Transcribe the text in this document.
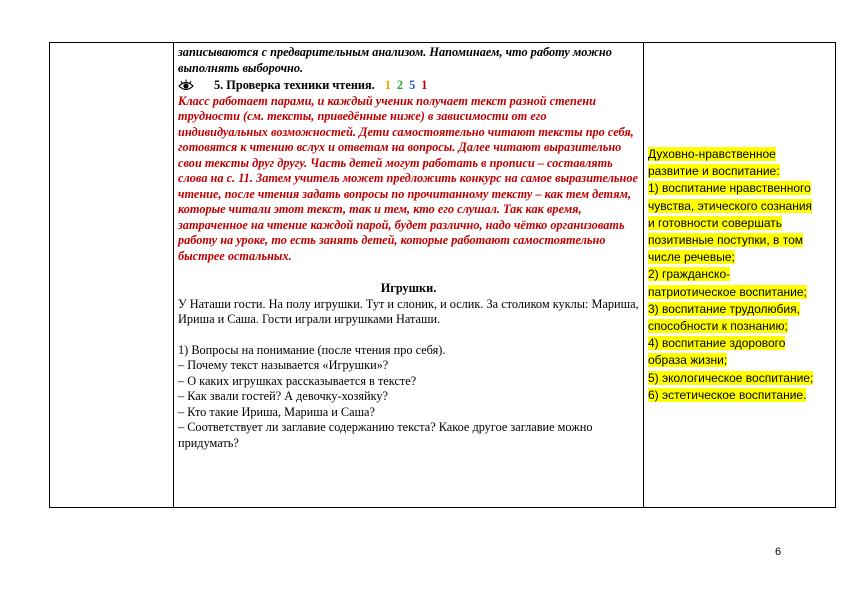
записываются с предварительным анализом. Напоминаем, что работу можно выполнять выборочно.

5. Проверка техники чтения. 1251

Класс работает парами, и каждый ученик получает текст разной степени трудности (см. тексты, приведённые ниже) в зависимости от его индивидуальных возможностей. Дети самостоятельно читают тексты про себя, готовятся к чтению вслух и ответам на вопросы. Далее читают выразительно свои тексты друг другу. Часть детей могут работать в прописи – составлять слова на с. 11. Затем учитель может предложить конкурс на самое выразительное чтение, после чтения задать вопросы по прочитанному тексту – как тем детям, которые читали этот текст, так и тем, кто его слушал. Так как время, затраченное на чтение каждой парой, будет различно, надо чётко организовать работу на уроке, то есть занять детей, которые работают самостоятельно быстрее остальных.

Игрушки.

У Наташи гости. На полу игрушки. Тут и слоник, и ослик. За столиком куклы: Мариша, Ириша и Саша. Гости играли игрушками Наташи.

1) Вопросы на понимание (после чтения про себя).

– Почему текст называется «Игрушки»?

– О каких игрушках рассказывается в тексте?

– Как звали гостей? А девочку-хозяйку?

– Кто такие Ириша, Мариша и Саша?

– Соответствует ли заглавие содержанию текста? Какое другое заглавие можно придумать?

Духовно-нравственное
развитие и воспитание:
1) воспитание нравственного
чувства, этического сознания
и готовности совершать
позитивные поступки, в том
числе речевые;
2) гражданско-
патриотическое воспитание;
3) воспитание трудолюбия,
способности к познанию;
4) воспитание здорового
образа жизни;
5) экологическое воспитание;
6) эстетическое воспитание.
6
